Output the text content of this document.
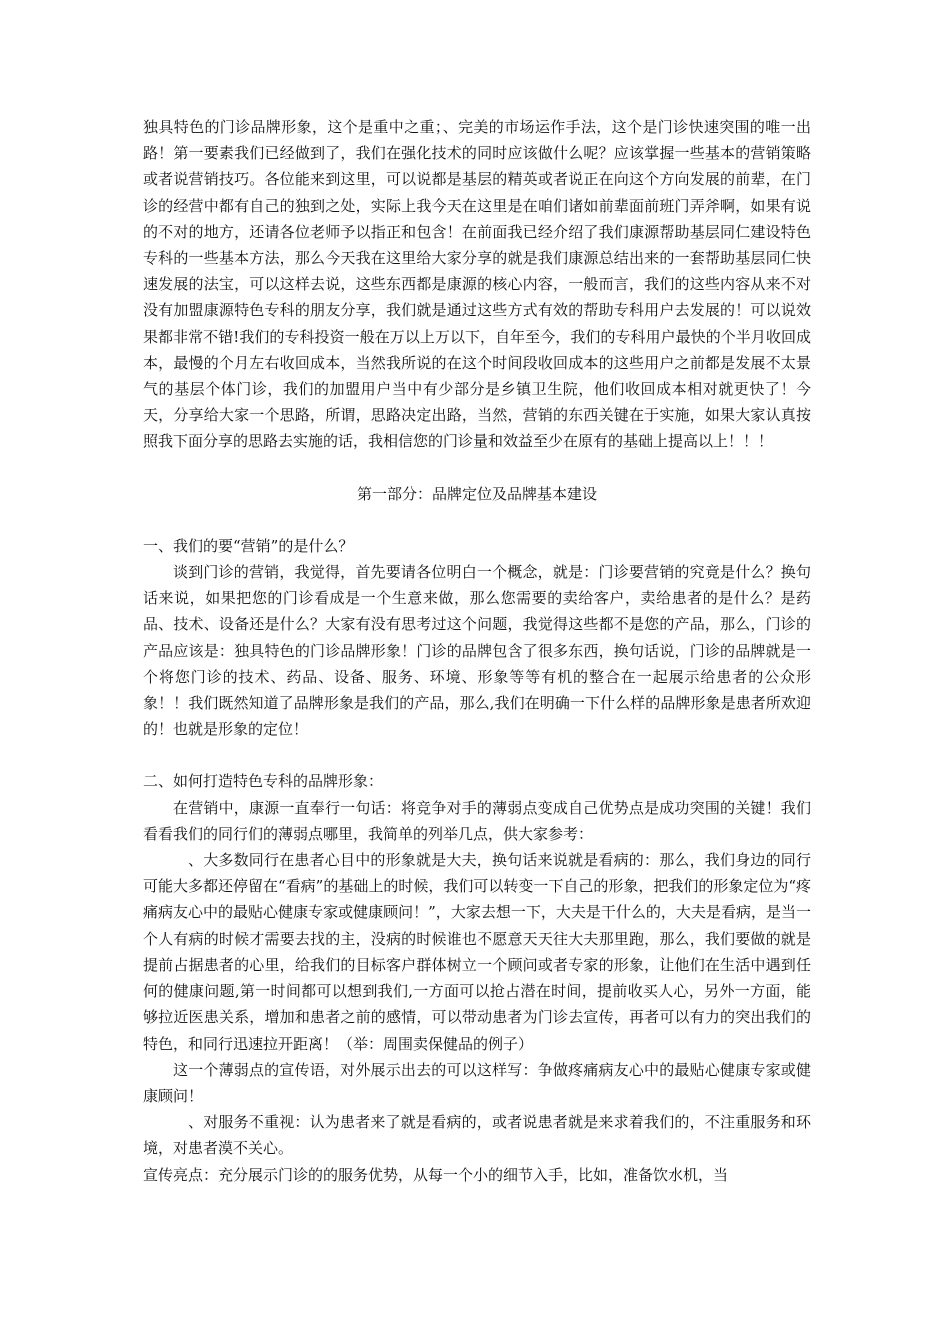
独具特色的门诊品牌形象，这个是重中之重；、完美的市场运作手法，这个是门诊快速突围的唯一出路！第一要素我们已经做到了，我们在强化技术的同时应该做什么呢？应该掌握一些基本的营销策略或者说营销技巧。各位能来到这里，可以说都是基层的精英或者说正在向这个方向发展的前辈，在门诊的经营中都有自己的独到之处，实际上我今天在这里是在咱们诸如前辈面前班门弄斧啊，如果有说的不对的地方，还请各位老师予以指正和包含！在前面我已经介绍了我们康源帮助基层同仁建设特色专科的一些基本方法，那么今天我在这里给大家分享的就是我们康源总结出来的一套帮助基层同仁快速发展的法宝，可以这样去说，这些东西都是康源的核心内容，一般而言，我们的这些内容从来不对没有加盟康源特色专科的朋友分享，我们就是通过这些方式有效的帮助专科用户去发展的！可以说效果都非常不错!我们的专科投资一般在万以上万以下，自年至今，我们的专科用户最快的个半月收回成本，最慢的个月左右收回成本，当然我所说的在这个时间段收回成本的这些用户之前都是发展不太景气的基层个体门诊，我们的加盟用户当中有少部分是乡镇卫生院，他们收回成本相对就更快了！今天，分享给大家一个思路，所谓，思路决定出路，当然，营销的东西关键在于实施，如果大家认真按照我下面分享的思路去实施的话，我相信您的门诊量和效益至少在原有的基础上提高以上！！！

第一部分：品牌定位及品牌基本建设

一、我们的要“营销”的是什么？

谈到门诊的营销，我觉得，首先要请各位明白一个概念，就是：门诊要营销的究竟是什么？换句话来说，如果把您的门诊看成是一个生意来做，那么您需要的卖给客户，卖给患者的是什么？是药品、技术、设备还是什么？大家有没有思考过这个问题，我觉得这些都不是您的产品，那么，门诊的产品应该是：独具特色的门诊品牌形象！门诊的品牌包含了很多东西，换句话说，门诊的品牌就是一个将您门诊的技术、药品、设备、服务、环境、形象等等有机的整合在一起展示给患者的公众形象！！我们既然知道了品牌形象是我们的产品，那么,我们在明确一下什么样的品牌形象是患者所欢迎的！也就是形象的定位！

二、如何打造特色专科的品牌形象：

在营销中，康源一直奉行一句话：将竞争对手的薄弱点变成自己优势点是成功突围的关键！我们看看我们的同行们的薄弱点哪里，我简单的列举几点，供大家参考：

、大多数同行在患者心目中的形象就是大夫，换句话来说就是看病的：那么，我们身边的同行可能大多都还停留在“看病”的基础上的时候，我们可以转变一下自己的形象，把我们的形象定位为“疼痛病友心中的最贴心健康专家或健康顾问！”，大家去想一下，大夫是干什么的，大夫是看病，是当一个人有病的时候才需要去找的主，没病的时候谁也不愿意天天往大夫那里跑，那么，我们要做的就是提前占据患者的心里，给我们的目标客户群体树立一个顾问或者专家的形象，让他们在生活中遇到任何的健康问题,第一时间都可以想到我们,一方面可以抢占潜在时间，提前收买人心，另外一方面，能够拉近医患关系，增加和患者之前的感情，可以带动患者为门诊去宣传，再者可以有力的突出我们的特色，和同行迅速拉开距离！（举：周围卖保健品的例子）

这一个薄弱点的宣传语，对外展示出去的可以这样写：争做疼痛病友心中的最贴心健康专家或健康顾问！

、对服务不重视：认为患者来了就是看病的，或者说患者就是来求着我们的，不注重服务和环境，对患者漠不关心。

宣传亮点：充分展示门诊的的服务优势，从每一个小的细节入手，比如，准备饮水机，当
